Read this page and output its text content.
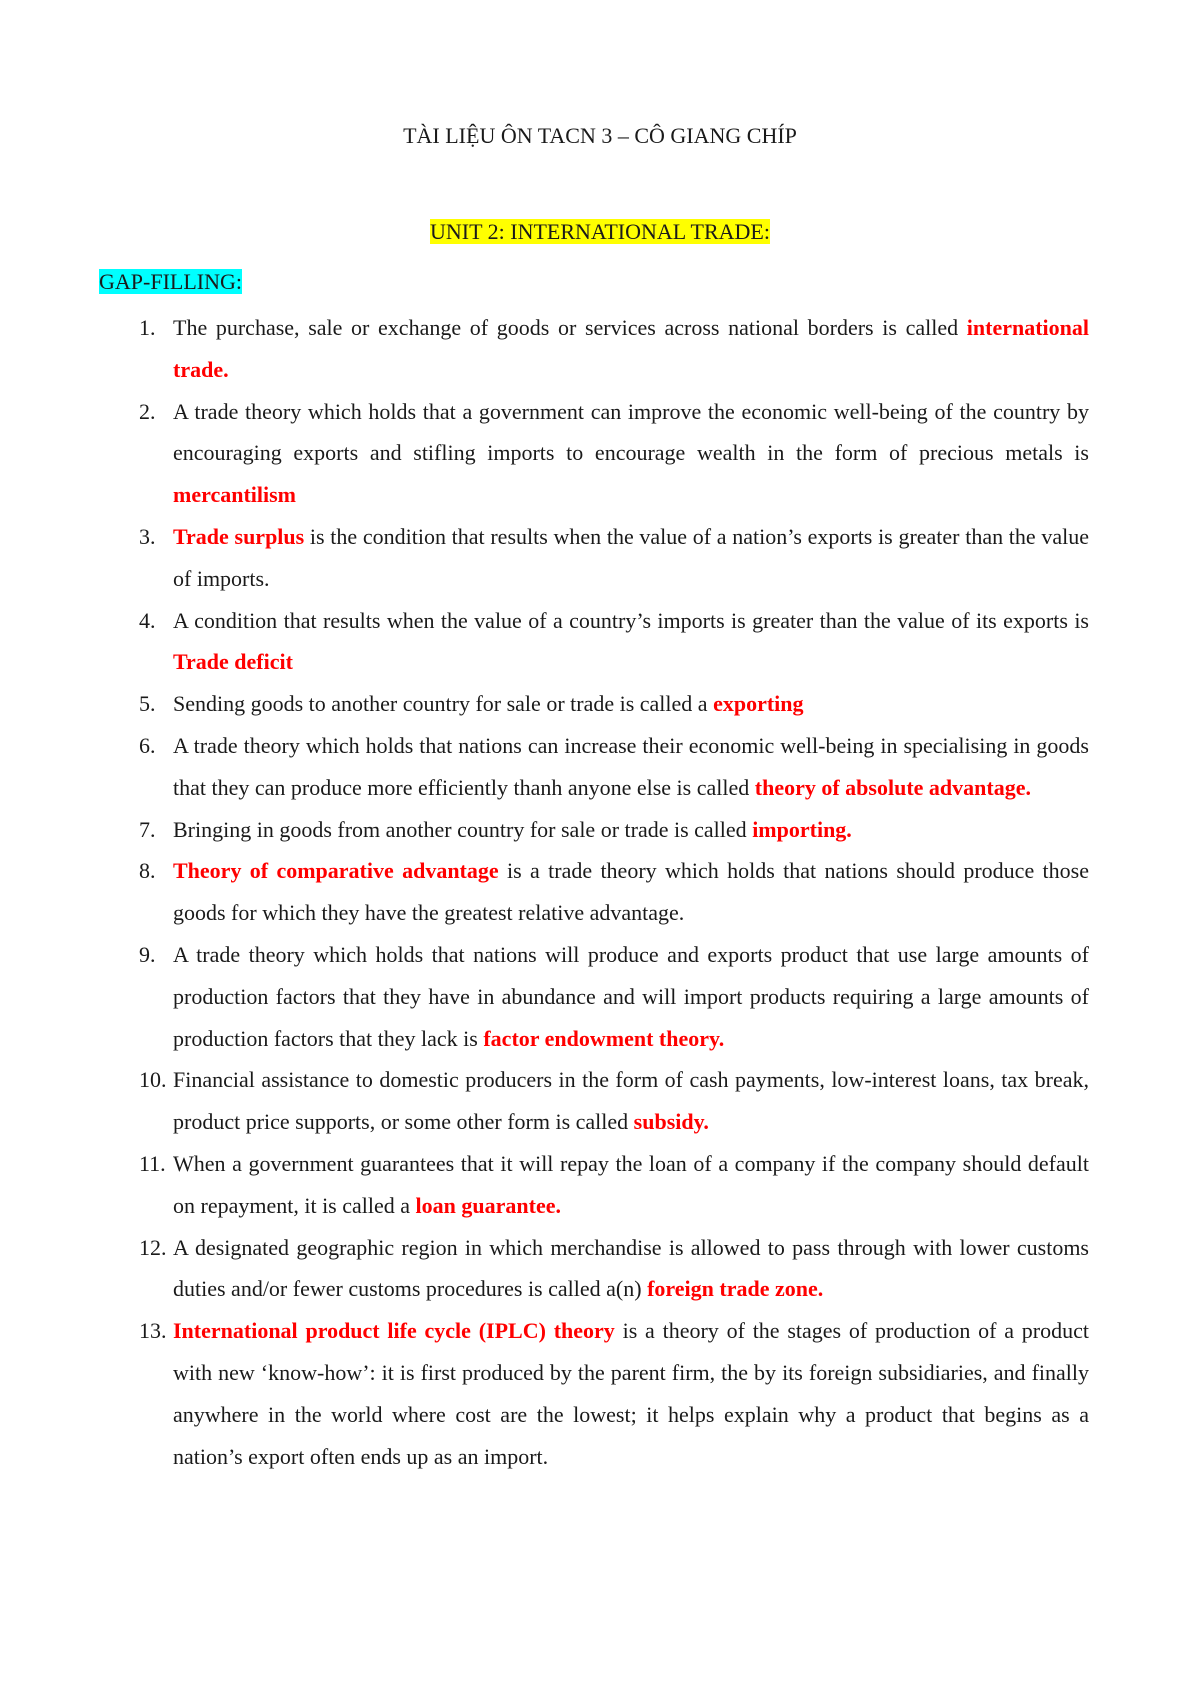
TÀI LIỆU ÔN TACN 3 – CÔ GIANG CHÍP
UNIT 2: INTERNATIONAL TRADE:
GAP-FILLING:
1. The purchase, sale or exchange of goods or services across national borders is called international trade.
2. A trade theory which holds that a government can improve the economic well-being of the country by encouraging exports and stifling imports to encourage wealth in the form of precious metals is mercantilism
3. Trade surplus is the condition that results when the value of a nation’s exports is greater than the value of imports.
4. A condition that results when the value of a country’s imports is greater than the value of its exports is Trade deficit
5. Sending goods to another country for sale or trade is called a exporting
6. A trade theory which holds that nations can increase their economic well-being in specialising in goods that they can produce more efficiently thanh anyone else is called theory of absolute advantage.
7. Bringing in goods from another country for sale or trade is called importing.
8. Theory of comparative advantage is a trade theory which holds that nations should produce those goods for which they have the greatest relative advantage.
9. A trade theory which holds that nations will produce and exports product that use large amounts of production factors that they have in abundance and will import products requiring a large amounts of production factors that they lack is factor endowment theory.
10. Financial assistance to domestic producers in the form of cash payments, low-interest loans, tax break, product price supports, or some other form is called subsidy.
11. When a government guarantees that it will repay the loan of a company if the company should default on repayment, it is called a loan guarantee.
12. A designated geographic region in which merchandise is allowed to pass through with lower customs duties and/or fewer customs procedures is called a(n) foreign trade zone.
13. International product life cycle (IPLC) theory is a theory of the stages of production of a product with new ‘know-how’: it is first produced by the parent firm, the by its foreign subsidiaries, and finally anywhere in the world where cost are the lowest; it helps explain why a product that begins as a nation’s export often ends up as an import.
